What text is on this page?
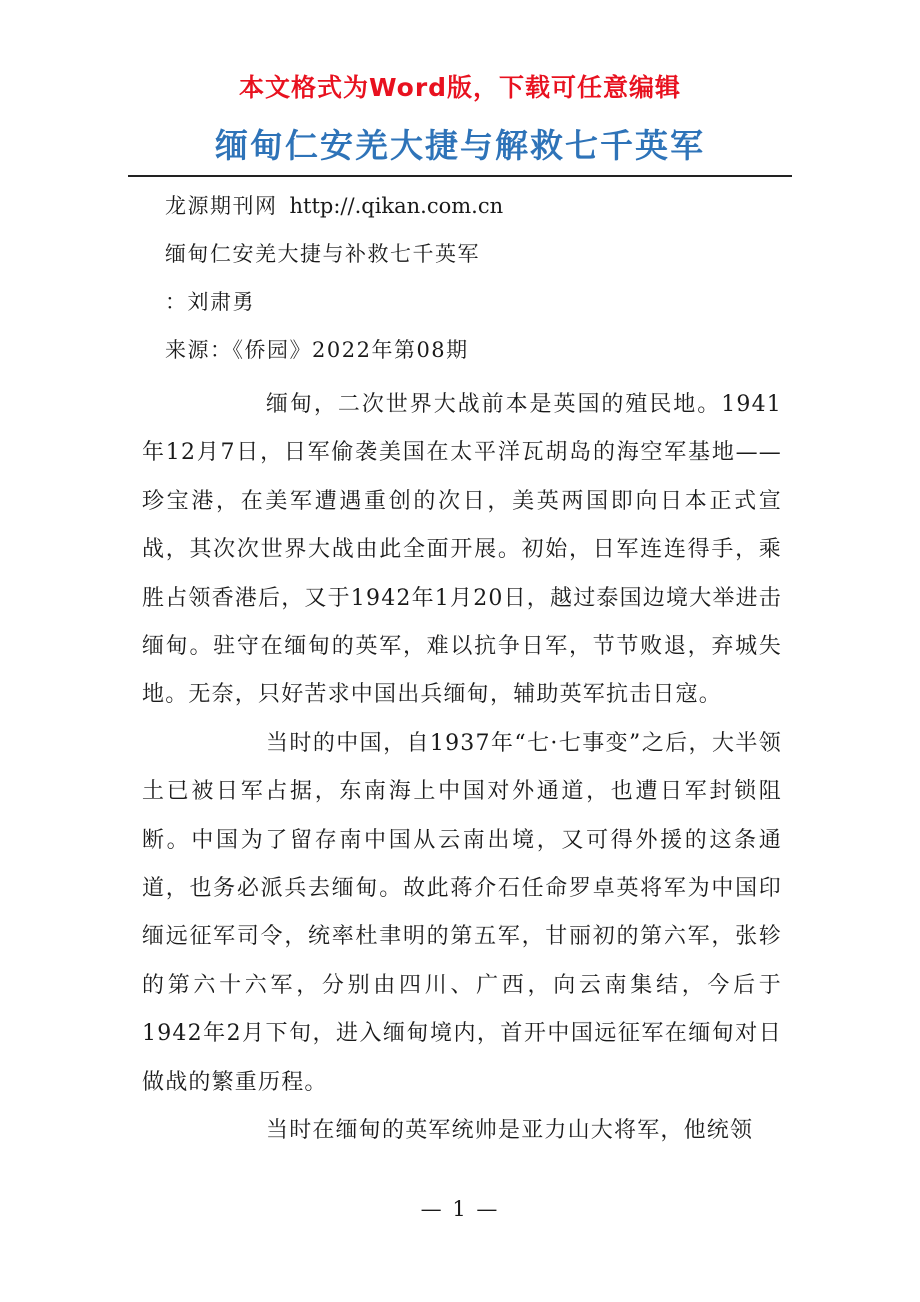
本文格式为Word版，下载可任意编辑
缅甸仁安羌大捷与解救七千英军
龙源期刊网 http://.qikan.com.cn
缅甸仁安羌大捷与补救七千英军
：刘肃勇
来源：《侨园》2022年第08期

缅甸，二次世界大战前本是英国的殖民地。1941年12月7日，日军偷袭美国在太平洋瓦胡岛的海空军基地——珍宝港，在美军遭遇重创的次日，美英两国即向日本正式宣战，其次次世界大战由此全面开展。初始，日军连连得手，乘胜占领香港后，又于1942年1月20日，越过泰国边境大举进击缅甸。驻守在缅甸的英军，难以抗争日军，节节败退，弃城失地。无奈，只好苦求中国出兵缅甸，辅助英军抗击日寇。

当时的中国，自1937年“七·七事变”之后，大半领土已被日军占据，东南海上中国对外通道，也遭日军封锁阻断。中国为了留存南中国从云南出境，又可得外援的这条通道，也务必派兵去缅甸。故此蒋介石任命罗卓英将军为中国印缅远征军司令，统率杜聿明的第五军，甘丽初的第六军，张轸的第六十六军，分别由四川、广西，向云南集结，今后于1942年2月下旬，进入缅甸境内，首开中国远征军在缅甸对日做战的繁重历程。

当时在缅甸的英军统帅是亚力山大将军，他统领

— 1 —
